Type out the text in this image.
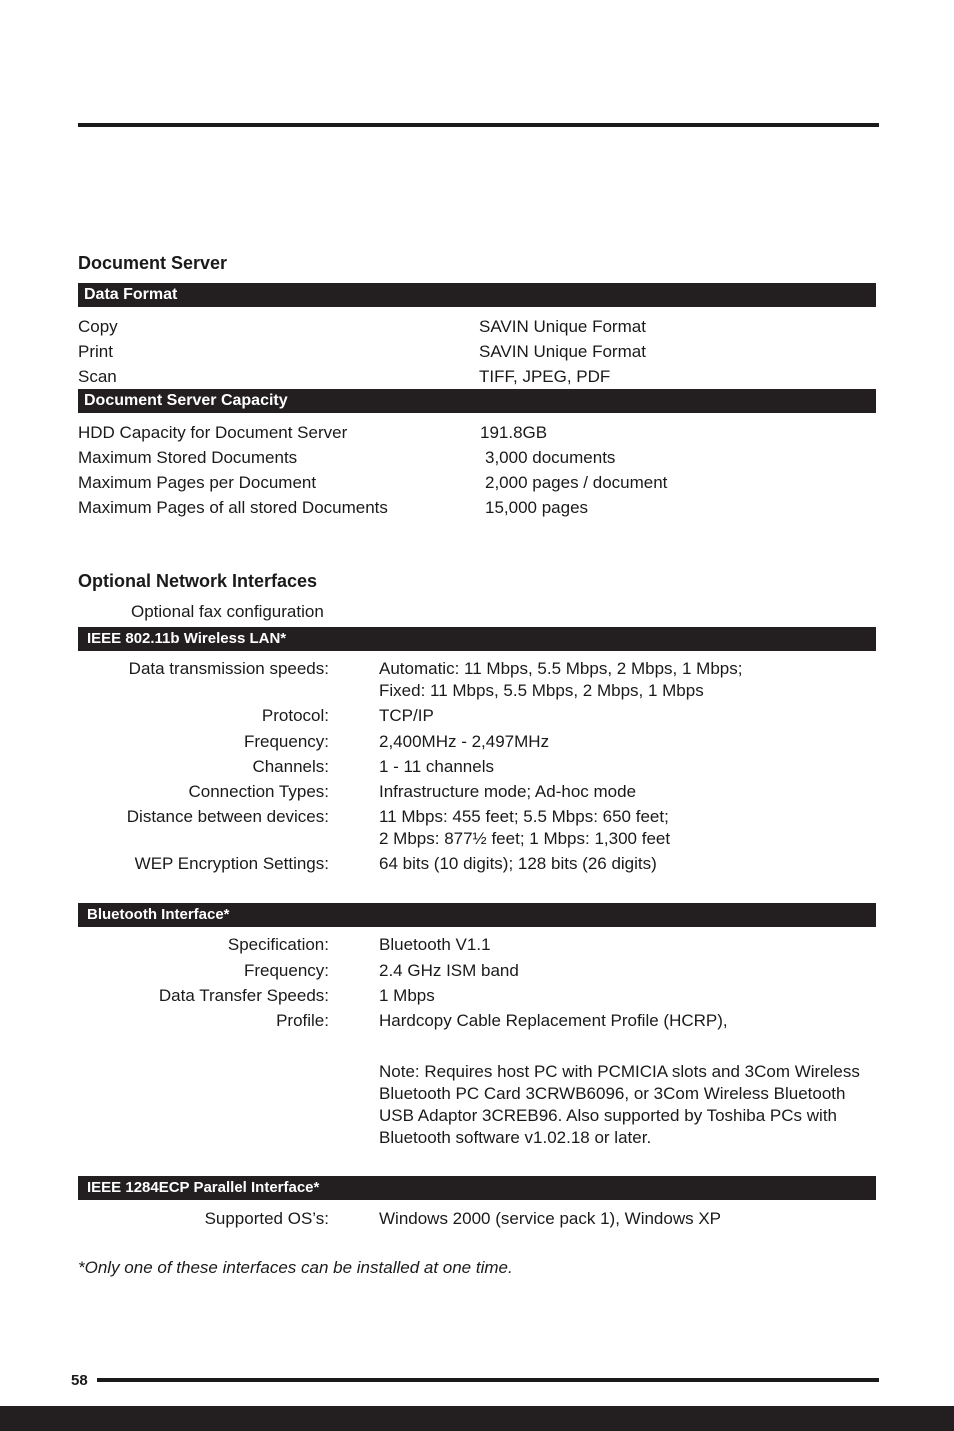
Document Server
Data Format
Copy	SAVIN Unique Format
Print	SAVIN Unique Format
Scan	TIFF, JPEG, PDF
Document Server Capacity
HDD Capacity for Document Server	191.8GB
Maximum Stored Documents	3,000 documents
Maximum Pages per Document	2,000 pages / document
Maximum Pages of all stored Documents	15,000 pages
Optional Network Interfaces
Optional fax configuration
IEEE 802.11b Wireless LAN*
Data transmission speeds:	Automatic: 11 Mbps, 5.5 Mbps, 2 Mbps, 1 Mbps;
Fixed: 11 Mbps, 5.5 Mbps, 2 Mbps, 1 Mbps
Protocol:	TCP/IP
Frequency:	2,400MHz - 2,497MHz
Channels:	1 - 11 channels
Connection Types:	Infrastructure mode; Ad-hoc mode
Distance between devices:	11 Mbps: 455 feet; 5.5 Mbps: 650 feet;
2 Mbps: 877½ feet; 1 Mbps: 1,300 feet
WEP Encryption Settings:	64 bits (10 digits); 128 bits (26 digits)
Bluetooth Interface*
Specification:	Bluetooth V1.1
Frequency:	2.4 GHz ISM band
Data Transfer Speeds:	1 Mbps
Profile:	Hardcopy Cable Replacement Profile (HCRP),
Note: Requires host PC with PCMICIA slots and 3Com Wireless
Bluetooth PC Card 3CRWB6096, or 3Com Wireless Bluetooth
USB Adaptor 3CREB96. Also supported by Toshiba PCs with
Bluetooth software v1.02.18 or later.
IEEE 1284ECP Parallel Interface*
Supported OS’s:	Windows 2000 (service pack 1), Windows XP
*Only one of these interfaces can be installed at one time.
58
